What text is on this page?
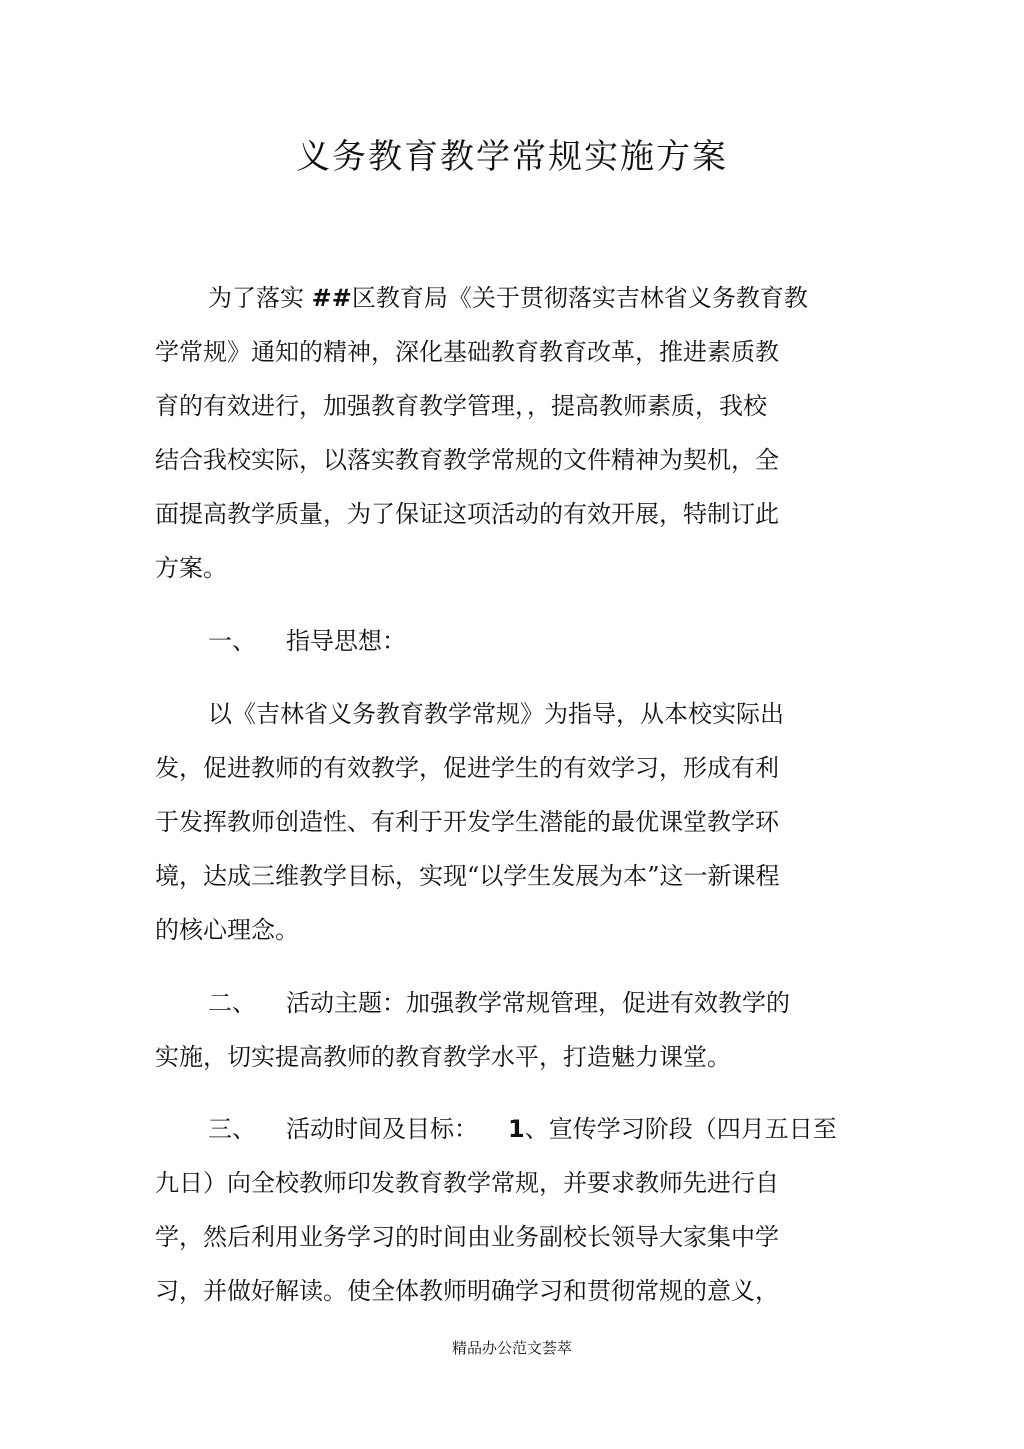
义务教育教学常规实施方案

为了落实 ##区教育局《关于贯彻落实吉林省义务教育教

学常规》通知的精神，深化基础教育教育改革，推进素质教

育的有效进行，加强教育教学管理，，提高教师素质，我校

结合我校实际，以落实教育教学常规的文件精神为契机，全

面提高教学质量，为了保证这项活动的有效开展，特制订此

方案。

一、 指导思想：

以《吉林省义务教育教学常规》为指导，从本校实际出

发，促进教师的有效教学，促进学生的有效学习，形成有利

于发挥教师创造性、有利于开发学生潜能的最优课堂教学环

境，达成三维教学目标，实现“以学生发展为本”这一新课程

的核心理念。

二、 活动主题：加强教学常规管理，促进有效教学的

实施，切实提高教师的教育教学水平，打造魅力课堂。

三、 活动时间及目标： 1、宣传学习阶段（四月五日至

九日）向全校教师印发教育教学常规，并要求教师先进行自

学，然后利用业务学习的时间由业务副校长领导大家集中学

习，并做好解读。使全体教师明确学习和贯彻常规的意义，

精品办公范文荟萃
